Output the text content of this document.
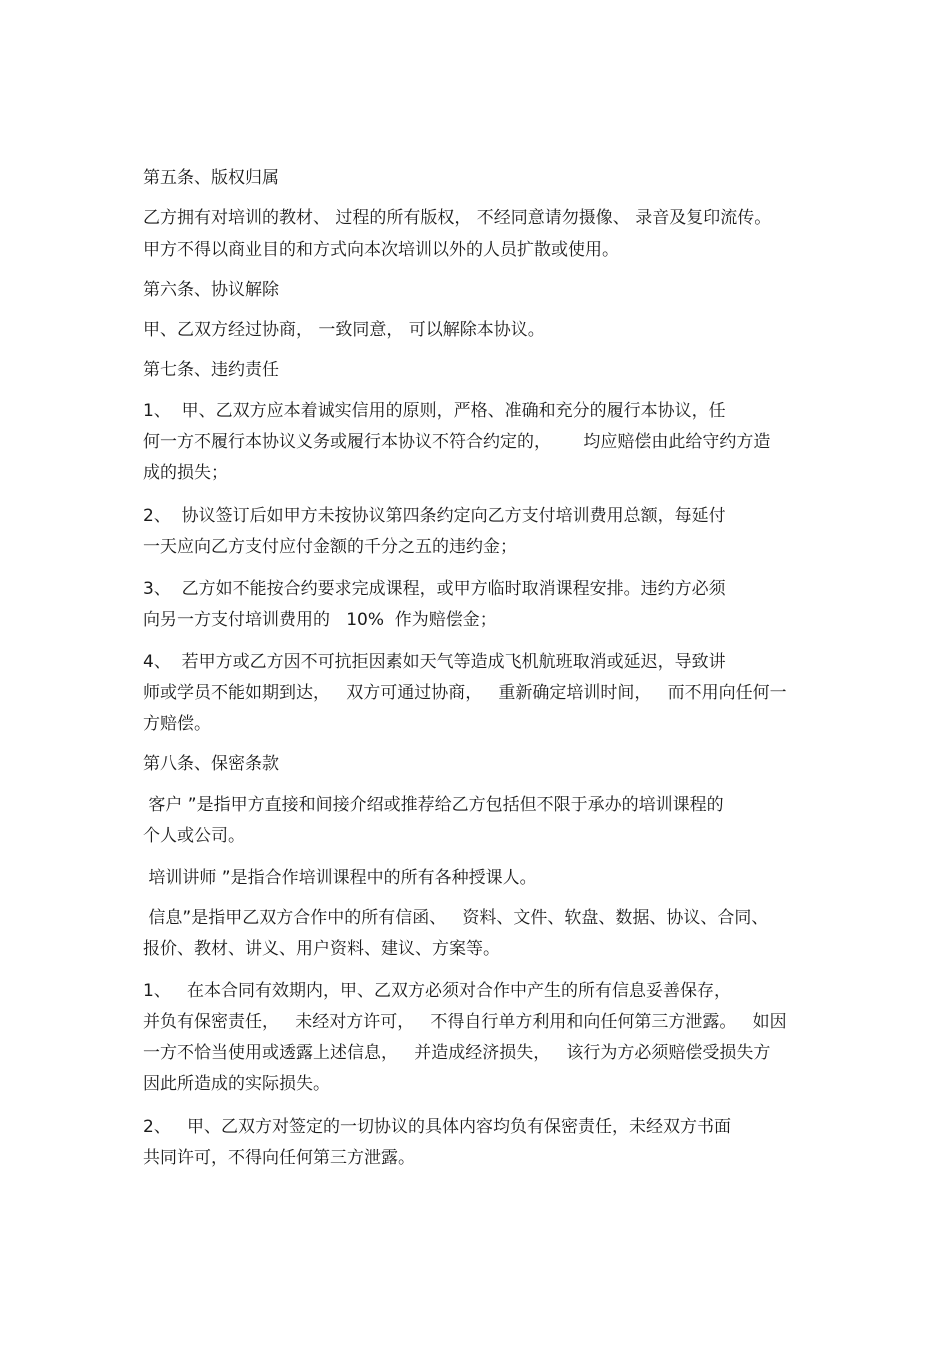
第五条、版权归属
乙方拥有对培训的教材、 过程的所有版权， 不经同意请勿摄像、 录音及复印流传。
甲方不得以商业目的和方式向本次培训以外的人员扩散或使用。
第六条、协议解除
甲、乙双方经过协商， 一致同意， 可以解除本协议。
第七条、违约责任
1、  甲、乙双方应本着诚实信用的原则，严格、准确和充分的履行本协议，任
何一方不履行本协议义务或履行本协议不符合约定的，      均应赔偿由此给守约方造
成的损失；
2、  协议签订后如甲方未按协议第四条约定向乙方支付培训费用总额，每延付
一天应向乙方支付应付金额的千分之五的违约金；
3、  乙方如不能按合约要求完成课程，或甲方临时取消课程安排。违约方必须
向另一方支付培训费用的   10%  作为赔偿金；
4、  若甲方或乙方因不可抗拒因素如天气等造成飞机航班取消或延迟，导致讲
师或学员不能如期到达，   双方可通过协商，   重新确定培训时间，   而不用向任何一
方赔偿。
第八条、保密条款
客户 ”是指甲方直接和间接介绍或推荐给乙方包括但不限于承办的培训课程的
个人或公司。
培训讲师 ”是指合作培训课程中的所有各种授课人。
信息”是指甲乙双方合作中的所有信函、   资料、文件、软盘、数据、协议、合同、
报价、教材、讲义、用户资料、建议、方案等。
1、   在本合同有效期内，甲、乙双方必须对合作中产生的所有信息妥善保存，
并负有保密责任，   未经对方许可，   不得自行单方利用和向任何第三方泄露。   如因
一方不恰当使用或透露上述信息，   并造成经济损失，   该行为方必须赔偿受损失方
因此所造成的实际损失。
2、   甲、乙双方对签定的一切协议的具体内容均负有保密责任，未经双方书面
共同许可，不得向任何第三方泄露。
